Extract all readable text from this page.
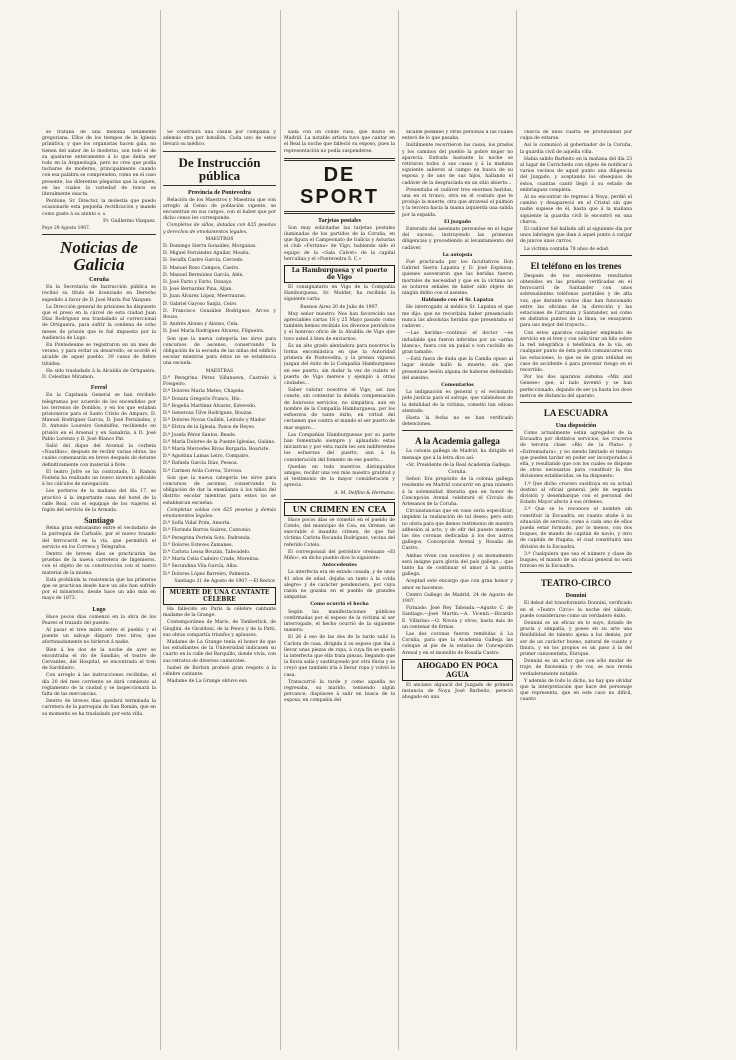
se trataba de una melodía netamente gregoriana. Ellos de los tiempos de la Iglesia primitiva; y que los organistas hacen gala, no tienen del sabor de lo moderno, son todo el de su ajustarse enteramente á lo que debía ser todo en la Arqueología, pero no creo que podía tacharse de moderno, principalmente cuando con esa palabra se comprenden, como en el caso presente, las diferentes plegarias que la siguen, en las cuales la variedad de tonos es literalmente exacta.

Perdone, Sr. Director, la molestia que puedo ocasionarle esta pequeña rectificación y mande como guste á su atento s. s.

Fr. Guillermo Vázquez.

Poyo 29 Agosto 1907.

Noticias de Galicia
Coruña

En la Secretaría de Instrucción pública se recibió su título de licenciado en Derecho expedido á favor de D. José María Paz Vázquez.

La Dirección general de prisiones ha dispuesto que el preso en la cárcel de esta ciudad Juan Díaz Rodríguez sea trasladado al correccional de Ortigueira, para sufrir la condena de ocho meses de prisión que le fué impuesta por la Audiencia de Lugo.

En Pontedeume se registraron en un mes de verano, y para evitar su desarrollo, se acordó el alcalde de aquel pueblo, 39 casos de fiebre tifoidea.

Ha sido trasladado á la Alcaldía de Ortigueira, D. Celestino Miramon.

Ferrol

En la Capitanía General se han recibido telegramas por acuerdo de los encendidos por los terrenos de Doniños, y en los que estaban prisioneros para el Santo Cristo de Amparo, D. Manuel Rodríguez García, D. José Fernández, y D. Antonio Loureiro Gondulfez, recibiendo en prisión en el Arsenal y en Sanabria, á D. José Pablo Lorenzo y D. José Blanco Pat.

Salió del dique del Arsenal la corbeta «Nautilus», después de recibir varias obras, las cuales comenzarán en breve después de dotarse definitivamente con material á flote.

El teatro Jofre se ha contratado, D. Ramón Fontela ha realizado un nuevo invento aplicable á los cálculos de navegación.

Les porteros de la mañana del día 17, se practicó á la importante casa del hotel de la calle Real, con el equipaje de los viajeros el fogón del servicio de la Armada.

Santiago

Reina gran entusiasmo entre el vecindario de la parroquia de Carballo, por el nuevo trazado del ferrocarril en la vía, que permitirá el servicio en los Correos y Telegrafos.

Dentro de breves días se practicarán las pruebas de la nueva carretera de Ingenieros, con el objeto de su construcción con el nuevo material de la misma.

Está prohibida la resistencia que las primeras que se practican desde hace un año han sufrido por el ministerio, desde hace un año más en mayo de 1873.

Lugo

Hace pocos días comenzó en la obra de los Peares el trazado del puente.

Al pasar el tren mixto entre el pueblo y el puente un salvaje disparó tres tiros, que afortunadamente no hirieron á nadie.

Bien á los dos de la noche de ayer se encontraba el río de Sandiás; el teatro de Cervantes, del Hospital, se encontrada el tren de Sardiñeiro.

Con arreglo á las instrucciones recibidas, el día 20 del mes corriente se dará comienzo al reglamento de la ciudad y se inspeccionará la falta de las mercancías.

Dentro de breves días quedará terminada la carretera de la parroquia de San Román, que en su momento se ha trasladado por esta villa.

Se construirá una casilla por compañía y además otra por batallón. Cada uno de estos llevará su médico.

De Instrucción pública
Provincia de Pontevedra

Relación de los Maestros y Maestras que con arreglo al Censo de población vigente, se encuentran en sus cargos, con el haber que por dicho censo les corresponde.

Completos de sillas, dotadas con 825 pesetas y derechos de emolumentos legales.

MAESTROS

D. Domingo Sierra González, Morganas.

D. Miguel Fernández Aguilar, Moaña.

D. Serafín Castro García, Cercedo.

D. Manuel Rozo Campos, Caeiro.

D. Manuel Bermúdez García, Alén.

D. José Farto y Farto, Donayo.

D. José Bernardez Pina, Aljan.

D. Juan Álvarez López, Meerrauras.

D. Gabriel Gayoso Sanjiz, Ceiro.

D. Francisco González Rodríguez, Arcos y Bouzo.

D. Andrés Alonso y Alonso, Cela.

D. José María Rodríguez Álvarez, Filgueira.

Son que la nueva categoría les sirve para concursos de ascenso, conservando la obligación de la escuela de las niñas del edificio escolar mientras para éstos no se establezca una escuela.

MAESTRAS

D.ª Peregrina Pérez Villanueva, Castrelo á Freigeiro.

D.ª Dolores María Mateo, Chapela.

D.ª Donata Gregorio Franco, Hío.

D.ª Rogelia Martínez Álvarez, Estevedo.

D.ª Generosa Tilve Rodríguez, Bouzas.

D.ª Dolores Novas Guillén, Leirado y Mador.

D.ª Elvira de la Iglesia, Pazos de Reyes.

D.ª Josefa Pérez Santos, Beade.

D.ª María Dolores de la Puente Iglesias, Guláns.

D.ª María Mercedes Rivas Burgaria, Beariste.

D.ª Agustina Lamas Leiro, Compairo.

D.ª Rafaela García Díaz, Pessoa.

D.ª Carmen Avila Correa, Torroso.

Son que la nueva categoría les sirve para concursos de ascenso, conservando la obligación de dar la enseñanza á los niños del distrito escolar mientras para estos no se establezcan escuelas.

Completas valdas con 625 pesetas y demás emolumentos legales.

D.ª Sofía Vidal Prim, Amorín.

D.ª Florinda Barros Suárez, Cantonio.

D.ª Peregrina Portela Soto, Padrenda.

D.ª Dolores Esteves Zamanes.

D.ª Carlota Lessa Bouzán, Taboadelo.

D.ª María Celia Cadeiro Crade, Moreiras.

D.ª Secundina Vila García, Alba.

D.ª Dolores López Barreiro, Palmeira.

Santiago 21 de Agosto de 1907.—El Rector.

MUERTE DE UNA CANTANTE CÉLEBRE

Ha fallecido en París la célebre cantante madame de la Grange.

Contemporánea de Mario, de Tamberlick, de Giuglini, de Giraldoni, de la Penco y de la Patti, sus obras compartía triunfos y aplausos.

Madame de La Grange tenía el honor de que los estudiantes de la Universidad indicasen su cuarto en la calle del Barquillo, donde vivía, con sus retratos de diversos camarotes.

Isabel de Borbón profesó gran respeto á la célebre cantante.

Madame de La Grange obtuvo esa

sada con un conde ruso, que murió en Madrid. La notable artista tuvo que cantar en el Real la noche que falleció su esposo, pues la representación no podía suspenderse.

DE SPORT
Tarjetas postales

Son muy solicitadas las tarjetas postales iluminadas de los partidos de la Coruña, en que figura el Campeonato de Galicia y Asturias el club «Fortuna» de Vigo, habiendo sido el equipo de la «Sala Calvet» de la capital herculina y el «Pontevedra S. C.»

La Hamburguesa y el puerto de Vigo

El consignatario en Vigo de la Compañía Hamburguesa, Sr. Mulder, ha recibido la siguiente carta:

Buenos Aires 20 de Julio de 1907.

Muy señor nuestro: Nos han favorecido sus apreciables cartas 18 y 25 Mayo pasado como también hemos recibido los diversos periódicos y el honroso oficio de la Alcaldía de Vigo que tuvo usted á bien de enviarnos.

Es un alto grado alentadora para nosotros la forma encomiástica en que la Autoridad primera de Pontevedra, y la prensa viguesa juzgan del éxito de la Compañía Hamburguesa en ese puerto, sin dudar la vez de cuánto el puerto de Vigo merece y ejemplo á otras ciudades...

Saber valorar nosotros el Vigo, así nos conste, sin contestar la debida compensación de honrosos servicios, no simpática, aun en nombre de la Compañía Hamburguesa, por los esfuerzos de tanto éxito, en virtud del certamen que contra el mundo el ser puerto de mar seguro...

Las Compañías Hamburguesas por su parte han fomentado siempre y aplaudido estas iniciativas y por esta razón les son indiferentes los esfuerzos del puerto, aun á la consideración del fomento de ese puerto...

Quedan en todo nuestros distinguidos amigos, recibir una vez más nuestra gratitud y el testimonio de la mayor consideración y aprecio.

A. M. Delfino & Hermano.

UN CRIMEN EN CEA

Hace pocos días se cometió en el pueblo de Cotelo, del municipio de Cea, en Orense, un execrable é inaudito crimen, de que fué víctima Carlota Rocanda Rodríguez, vecina del referido Cotelo.

El corresponsal del periódico orensano «El Miño», en dicho pueblo dice lo siguiente:

Antecedentes

La interfecta era de estado casada, y de unos 41 años de edad, dejaba un tanto á la «vida alegre» y de carácter pendenciero, por cuya razón no gozaba en el pueblo de grandes simpatías.

Como ocurrió el hecho

Según las manifestaciones públicas confirmadas por el esposo de la víctima al ser interrogado, el hecho ocurrió de la siguiente manera:

El 26 á eso de las dos de la tarde salió la Carlota de casa, dirigida á su esposo que iba á llevar unas piezas de ropa, á cuya fin se quedó la interfecta que ella traía piezas, llegando que la lluvia salía y sustituyendo por otra lluvia y se creyó que también iría á llevar ropa y volvió la casa.

Transcurrió la tarde y como aquella no regresaba, su marido, temiendo algún percance, dispúsose á salir en busca de la esposa, en compañía del

alcalde pedáneo y otras personas á las cuales enteró de lo que pasaba.

Inútilmente recorrieron las casas, los prados y los caminos del pueblo la pobre mujer no aparecía. Entrada bastante la noche se retiraron todos á sus casas y á la mañana siguiente salieron al campo en busca de su esposa y de uno de sus hijos, hallando el cadáver de la desgraciada en un sitio abierto...

Presentaba el cadáver tres enormes heridas, una en el tronco, otra en el costado que le produjo la muerte, otra que atravesó el pulmón y la tercera hacia la mama izquierda una salida por la espalda.

El juzgado

Enterado del asesinato personóse en el lugar del suceso, instruyendo las primeras diligencias y procediendo al levantamiento del cadáver.

La autopsia

Fué practicada por los facultativos Don Gabriel Sierra Lapatza y D. José Espinosa, quienes aseveraron que las heridas fueron mortales de necesidad y que en la víctima no se notaron señales de haber sido objeto de ningún delito con el asesino.

Hablando con el Sr. Lapatza

He interrogado al médico Sr. Lapatza el que me dijo: que no recordaba haber presenciado nunca las absolutas heridas que presentaba el cadáver...

—Las heridas—continuó el doctor —es indudable que fueron inferidas por un «arma blanca», fuera con un puñal o con cuchillo de gran tamaño.

—Está fuera de duda que la Camila opuso al lugar donde halló la muerte, sin que presentase lesión alguna de haberse defendido del asesino.

Comentarios

La indignación es general y el vecindario pide justicia para el salvaje, que valiéndose de la debilidad de la víctima, cometió tan odioso atentado.

Hasta la fecha no se han verificado detenciones.

A la Academia gallega

La colonia gallega de Madrid, ha dirigido el mensaje que á la letra dice así:

«Sr. Presidente de la Real Academia Gallega.

Coruña.

Señor: Era propósito de la colonia gallega residente en Madrid concurrir en gran número á la solemnidad literaria que en honor de Concepción Arenal celebrará el Círculo de Artesanos de la Coruña.

Circunstancias que en vano sería especificar, impiden la realización de tal deseo; pero esto no obsta para que demos testimonio de nuestra adhesión al acto, y de ofir del puesto nuestra las dos coronas dedicadas á los dos astros gallegos, Concepción Arenal y Rosalía de Castro.

Ambas viven con nosotros y su monumento será insigne para gloria del país gallego... que tanto ha de continuar el amor á la patria gallega.

Aceptad este encargo que con gran honor y amor se hacemos.

Centro Gallego de Madrid, 24 de Agosto de 1907.

Firmado: José Rey Tabeada.—Agusto C. de Santiago.—José Martín.—A. Vicenti.—Ricardo E. Villarino.—O. Novoa y otros, hasta más de un centenar de firmas.

Las dos coronas fueron remitidas á La Coruña, para que la Academia Gallega las coloque al pie de la estatua de Concepción Arenal y en el monolito de Rosalía Castro.

AHOGADO EN POCA AGUA

El anciano alguacil del Juzgado de primera instancia de Noya José Barbeito, pereció ahogado en una

charca de unos cuarta de profundidad por culpa de estarse.

Así lo comunicó al gobernador de la Coruña, la guardia civil de aquella villa.

Había salido Barbeito en la mañana del día 23 al lugar de Currichedo con objeto de notificar á varios vecinos de aquel punto una diligencia del Juzgado, y aceptando los obsequios de éstos, cuantas cantó llegó á su estado de embriaguez completa.

Al no encontrar de regreso á Noya, perdió el camino y desapareció en el Cristal sin que nadie supiese de él, hasta que á la mañana siguiente la guardia civil lo encontró en una charca.

El cadáver fué hallado allí al siguiente día por unos labriegos que iban á aquel punto á cargar de juncos unos carros.

La víctima contaba 78 años de edad.

El teléfono en los trenes

Después de los excelentes resultados obtenidos en las pruebas verificadas en el ferrocarril de Santander con unos sobresalientes teléfonos portátiles y de alta voz, que durante varios días han funcionado entre las oficinas de la dirección y las estaciones de Carranza y Santander, así como en distintos puntos de la línea, se ensayaron para uso mejor del trayecto...

Con estos aparatos cualquier empleado de servicio en el tren y con sólo tirar un hilo sobre la red telegráfica ó telefónica de la vía, en cualquier punto de ésta podrá comunicarse con las estaciones, lo que es de gran utilidad en caso de accidente ó para prevenir riesgo en el recorrido.

Por los dos aparatos sistema «Mix and Genese» que, al lado inventó y se han perfeccionado, dejando de ser ya hasta los doce metros de distancia del aparato.

LA ESCUADRA
Una disposición

Como actualmente están agregados de la Escuadra por distintos servicios, los cruceros de tercera clase «Río de la Plata» y «Extremadura», y no siendo limitado el tiempo que pueden tardar en poder ser incorporados á ella, y resultando que con los cuales se dispone de otros necesarios para constituir la dos divisiones establecidas, se ha dispuesto:

1.º Que dicho crucero sustituya en su actual destino al oficial general, jefe de segunda división y desembarque con el personal del Estado Mayor afecto á sus órdenes.

2.º Que se lo reconoce el nombre sin constituir la Escuadra, en cuanto atañe á su situación de servicio, como á cada uno de ellos pueda estar formado, por lo menos, con dos buques, de mando de capitán de navío, y otro de capitán de fragata, el cual constituirá una división de la Escuadra.

3.º Cualquiera que sea el número y clase de buques, el mando de un oficial general no será forzoso en la Escuadra.

TEATRO-CIRCO
Donnini

El debut del transformista Donnini, verificado en el «Teatro Circo» la noche del sábado, puede considerarse como un verdadero éxito.

Donnini es un eficaz en lo suyo, dotado de gracia y simpatía, y posee en su arte una flexibilidad de talento ajena a los demás, por ser de un carácter bueno, natural de cuanto y finura, y en los propios es un paso á la del primer canzonetista, Enrique.

Donnini es un actor que con sólo mudar de traje, de fisonomía y de voz, se nos revela verdaderamente notable.

Y además de todo lo dicho, no hay que olvidar que la interpretación que hace del personaje que representa, que en este caso no difícil, cuanto
